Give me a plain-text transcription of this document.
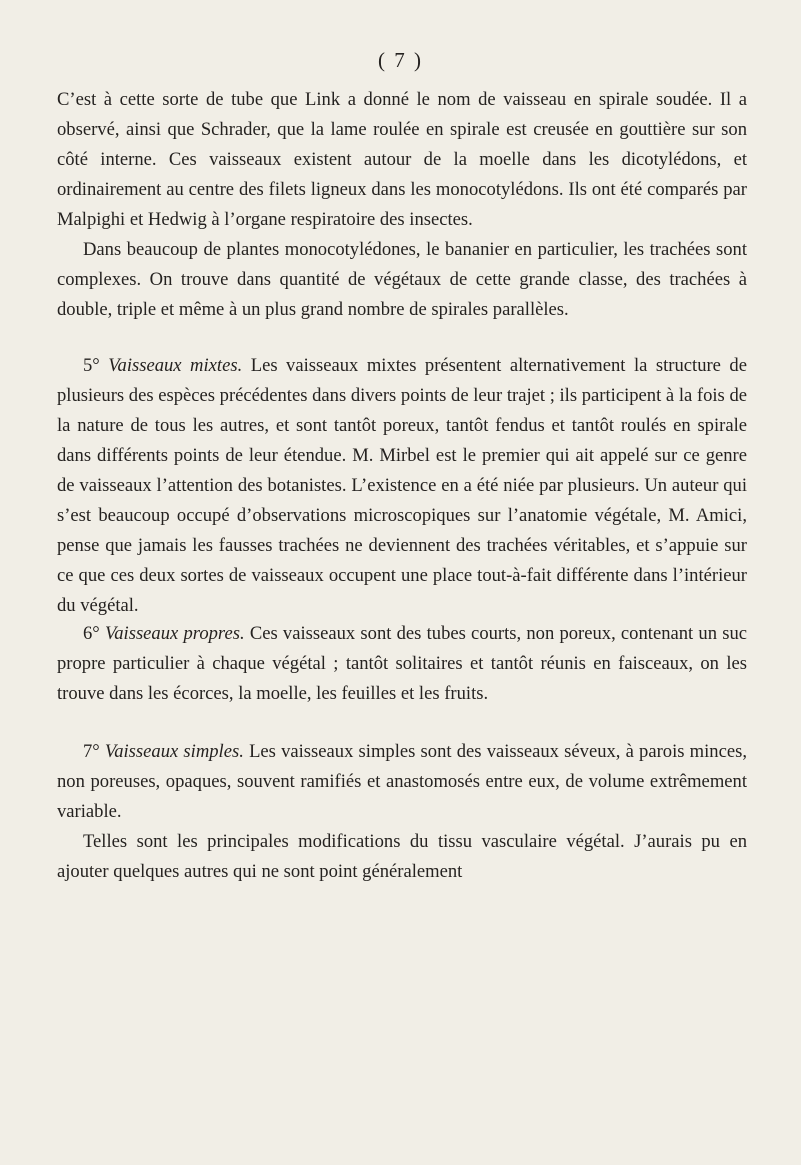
( 7 )
C’est à cette sorte de tube que Link a donné le nom de vaisseau en spirale soudée. Il a observé, ainsi que Schrader, que la lame roulée en spirale est creusée en gouttière sur son côté interne. Ces vaisseaux existent autour de la moelle dans les dicotylédons, et ordinairement au centre des filets ligneux dans les monocotylédons. Ils ont été comparés par Malpighi et Hedwig à l’organe respiratoire des insectes.
Dans beaucoup de plantes monocotylédones, le bananier en particulier, les trachées sont complexes. On trouve dans quantité de végétaux de cette grande classe, des trachées à double, triple et même à un plus grand nombre de spirales parallèles.
5° Vaisseaux mixtes. Les vaisseaux mixtes présentent alternativement la structure de plusieurs des espèces précédentes dans divers points de leur trajet ; ils participent à la fois de la nature de tous les autres, et sont tantôt poreux, tantôt fendus et tantôt roulés en spirale dans différents points de leur étendue. M. Mirbel est le premier qui ait appelé sur ce genre de vaisseaux l’attention des botanistes. L’existence en a été niée par plusieurs. Un auteur qui s’est beaucoup occupé d’observations microscopiques sur l’anatomie végétale, M. Amici, pense que jamais les fausses trachées ne deviennent des trachées véritables, et s’appuie sur ce que ces deux sortes de vaisseaux occupent une place tout-à-fait différente dans l’intérieur du végétal.
6° Vaisseaux propres. Ces vaisseaux sont des tubes courts, non poreux, contenant un suc propre particulier à chaque végétal ; tantôt solitaires et tantôt réunis en faisceaux, on les trouve dans les écorces, la moelle, les feuilles et les fruits.
7° Vaisseaux simples. Les vaisseaux simples sont des vaisseaux séveux, à parois minces, non poreuses, opaques, souvent ramifiés et anastomosés entre eux, de volume extrêmement variable.
Telles sont les principales modifications du tissu vasculaire végétal. J’aurais pu en ajouter quelques autres qui ne sont point généralement
